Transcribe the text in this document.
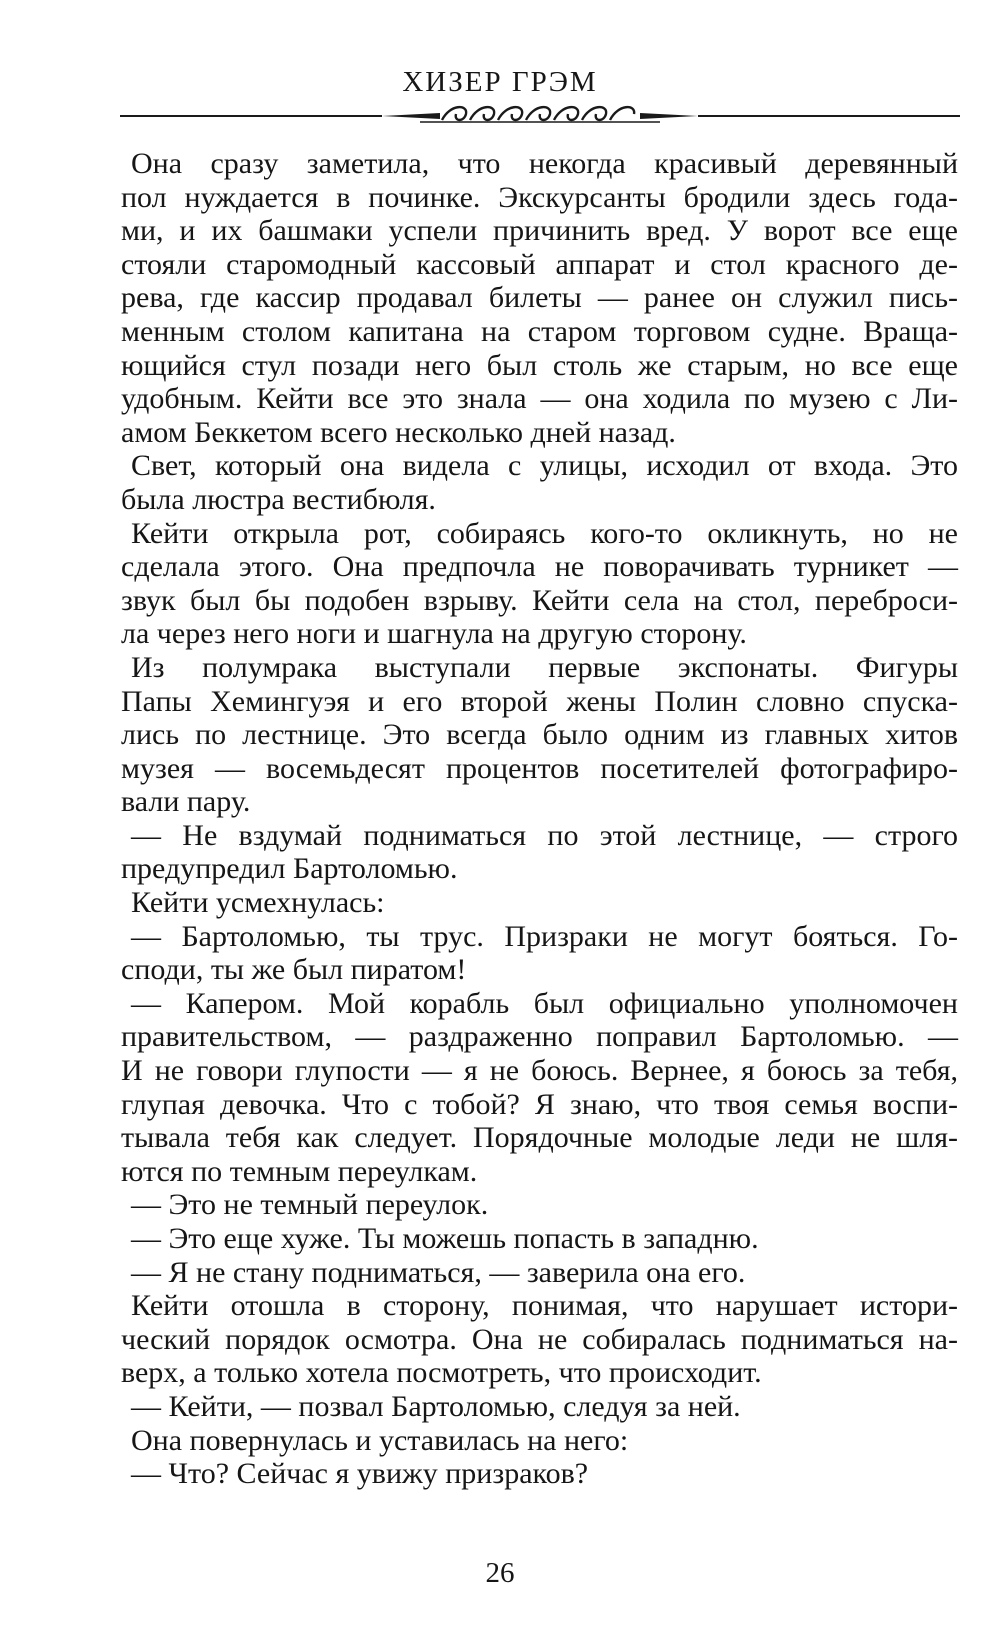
ХИЗЕР ГРЭМ

Она сразу заметила, что некогда красивый деревянный

пол нуждается в починке. Экскурсанты бродили здесь года-

ми, и их башмаки успели причинить вред. У ворот все еще

стояли старомодный кассовый аппарат и стол красного де-

рева, где кассир продавал билеты — ранее он служил пись-

менным столом капитана на старом торговом судне. Враща-

ющийся стул позади него был столь же старым, но все еще

удобным. Кейти все это знала — она ходила по музею с Ли-

амом Беккетом всего несколько дней назад.

Свет, который она видела с улицы, исходил от входа. Это

была люстра вестибюля.

Кейти открыла рот, собираясь кого-то окликнуть, но не

сделала этого. Она предпочла не поворачивать турникет —

звук был бы подобен взрыву. Кейти села на стол, переброси-

ла через него ноги и шагнула на другую сторону.

Из полумрака выступали первые экспонаты. Фигуры

Папы Хемингуэя и его второй жены Полин словно спуска-

лись по лестнице. Это всегда было одним из главных хитов

музея — восемьдесят процентов посетителей фотографиро-

вали пару.

— Не вздумай подниматься по этой лестнице, — строго

предупредил Бартоломью.

Кейти усмехнулась:

— Бартоломью, ты трус. Призраки не могут бояться. Го-

споди, ты же был пиратом!

— Капером. Мой корабль был официально уполномочен

правительством, — раздраженно поправил Бартоломью. —

И не говори глупости — я не боюсь. Вернее, я боюсь за тебя,

глупая девочка. Что с тобой? Я знаю, что твоя семья воспи-

тывала тебя как следует. Порядочные молодые леди не шля-

ются по темным переулкам.

— Это не темный переулок.

— Это еще хуже. Ты можешь попасть в западню.

— Я не стану подниматься, — заверила она его.

Кейти отошла в сторону, понимая, что нарушает истори-

ческий порядок осмотра. Она не собиралась подниматься на-

верх, а только хотела посмотреть, что происходит.

— Кейти, — позвал Бартоломью, следуя за ней.

Она повернулась и уставилась на него:

— Что? Сейчас я увижу призраков?

26
